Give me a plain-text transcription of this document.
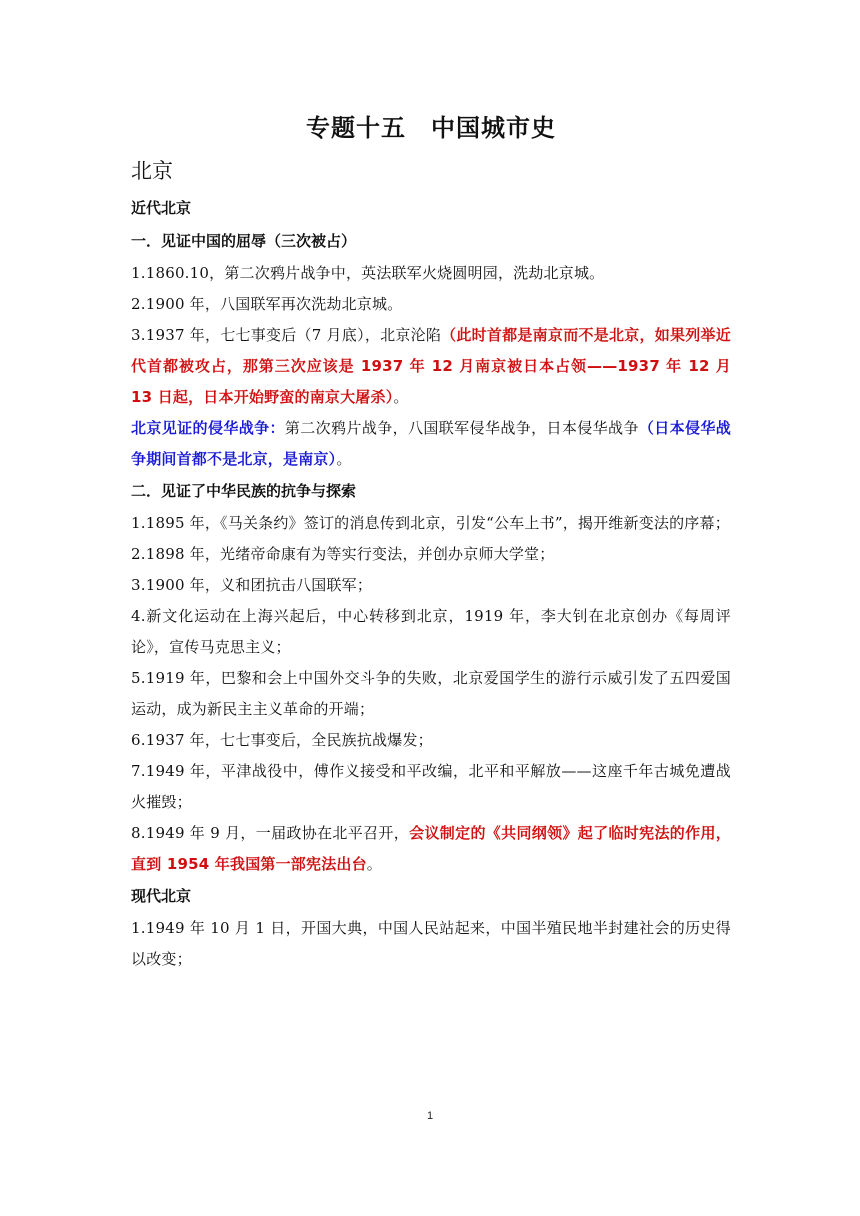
专题十五　中国城市史
北京
近代北京
一．见证中国的屈辱（三次被占）

1.1860.10，第二次鸦片战争中，英法联军火烧圆明园，洗劫北京城。

2.1900 年，八国联军再次洗劫北京城。

3.1937 年，七七事变后（7 月底），北京沦陷（此时首都是南京而不是北京，如果列举近代首都被攻占，那第三次应该是 1937 年 12 月南京被日本占领——1937 年 12 月 13 日起，日本开始野蛮的南京大屠杀）。

北京见证的侵华战争：第二次鸦片战争，八国联军侵华战争，日本侵华战争（日本侵华战争期间首都不是北京，是南京）。

二．见证了中华民族的抗争与探索

1.1895 年，《马关条约》签订的消息传到北京，引发“公车上书”，揭开维新变法的序幕；

2.1898 年，光绪帝命康有为等实行变法，并创办京师大学堂；

3.1900 年，义和团抗击八国联军；

4.新文化运动在上海兴起后，中心转移到北京，1919 年，李大钊在北京创办《每周评论》，宣传马克思主义；

5.1919 年，巴黎和会上中国外交斗争的失败，北京爱国学生的游行示威引发了五四爱国运动，成为新民主主义革命的开端；

6.1937 年，七七事变后，全民族抗战爆发；

7.1949 年，平津战役中，傅作义接受和平改编，北平和平解放——这座千年古城免遭战火摧毁；

8.1949 年 9 月，一届政协在北平召开，会议制定的《共同纲领》起了临时宪法的作用，直到 1954 年我国第一部宪法出台。

现代北京

1.1949 年 10 月 1 日，开国大典，中国人民站起来，中国半殖民地半封建社会的历史得以改变；

1
